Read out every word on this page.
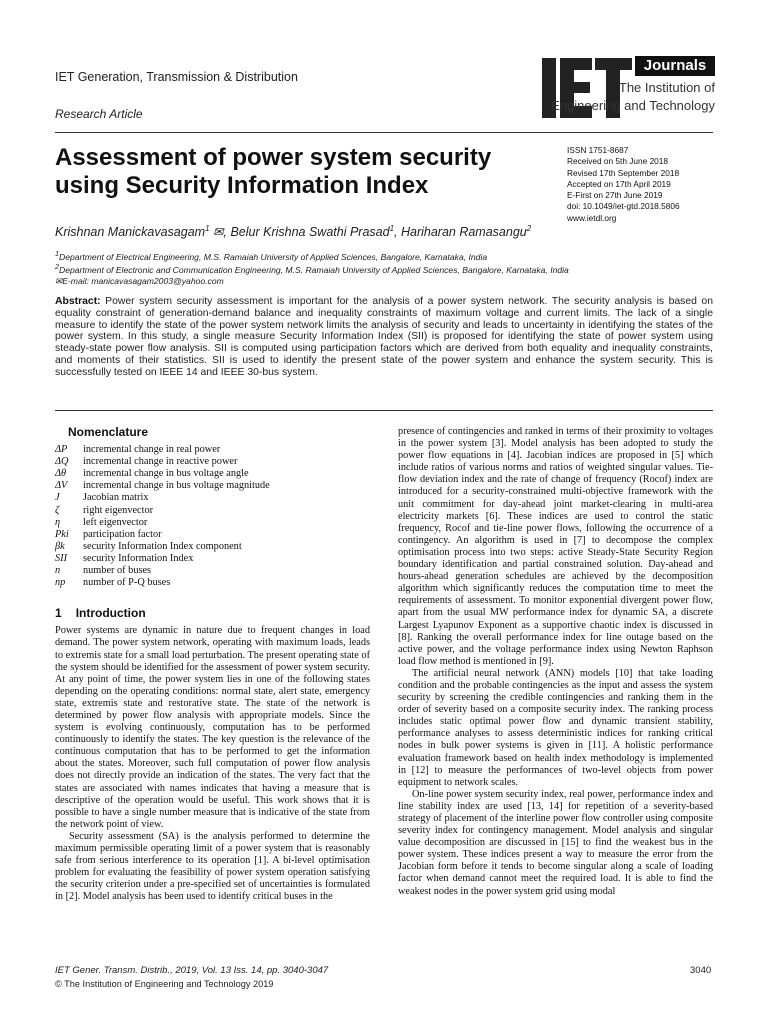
IET Generation, Transmission & Distribution
Research Article
Journals
The Institution of
Engineering and Technology
Assessment of power system security using Security Information Index
ISSN 1751-8687
Received on 5th June 2018
Revised 17th September 2018
Accepted on 17th April 2019
E-First on 27th June 2019
doi: 10.1049/iet-gtd.2018.5806
www.ietdl.org
Krishnan Manickavasagam$^1$ ✉, Belur Krishna Swathi Prasad$^1$, Hariharan Ramasangu$^2$
$^1$Department of Electrical Engineering, M.S. Ramaiah University of Applied Sciences, Bangalore, Karnataka, India
$^2$Department of Electronic and Communication Engineering, M.S. Ramaiah University of Applied Sciences, Bangalore, Karnataka, India
✉E-mail: manicavasagam2003@yahoo.com
Abstract: Power system security assessment is important for the analysis of a power system network. The security analysis is based on equality constraint of generation-demand balance and inequality constraints of maximum voltage and current limits. The lack of a single measure to identify the state of the power system network limits the analysis of security and leads to uncertainty in identifying the states of the power system. In this study, a single measure Security Information Index (SII) is proposed for identifying the state of power system using steady-state power flow analysis. SII is computed using participation factors which are derived from both equality and inequality constraints, and moments of their statistics. SII is used to identify the present state of the power system and enhance the system security. This is successfully tested on IEEE 14 and IEEE 30-bus system.
Nomenclature
ΔP	incremental change in real power
ΔQ	incremental change in reactive power
Δθ	incremental change in bus voltage angle
ΔV	incremental change in bus voltage magnitude
J	Jacobian matrix
ζ	right eigenvector
η	left eigenvector
Pki	participation factor
βk	security Information Index component
SII	security Information Index
n	number of buses
np	number of P-Q buses
1 Introduction

Power systems are dynamic in nature due to frequent changes in load demand. The power system network, operating with maximum loads, leads to extremis state for a small load perturbation. The present operating state of the system should be identified for the assessment of power system security. At any point of time, the power system lies in one of the following states depending on the operating conditions: normal state, alert state, emergency state, extremis state and restorative state. The state of the network is determined by power flow analysis with appropriate models. Since the system is evolving continuously, computation has to be performed continuously to identify the states. The key question is the relevance of the continuous computation that has to be performed to get the information about the states. Moreover, such full computation of power flow analysis does not directly provide an indication of the states. The very fact that the states are associated with names indicates that having a measure that is descriptive of the operation would be useful. This work shows that it is possible to have a single number measure that is indicative of the state from the network point of view.

Security assessment (SA) is the analysis performed to determine the maximum permissible operating limit of a power system that is reasonably safe from serious interference to its operation [1]. A bi-level optimisation problem for evaluating the feasibility of power system operation satisfying the security criterion under a pre-specified set of uncertainties is formulated in [2]. Model analysis has been used to identify critical buses in the

presence of contingencies and ranked in terms of their proximity to voltages in the power system [3]. Model analysis has been adopted to study the power flow equations in [4]. Jacobian indices are proposed in [5] which include ratios of various norms and ratios of weighted singular values. Tie-flow deviation index and the rate of change of frequency (Rocof) index are introduced for a security-constrained multi-objective framework with the unit commitment for day-ahead joint market-clearing in multi-area electricity markets [6]. These indices are used to control the static frequency, Rocof and tie-line power flows, following the occurrence of a contingency. An algorithm is used in [7] to decompose the complex optimisation process into two steps: active Steady-State Security Region boundary identification and partial constrained solution. Day-ahead and hours-ahead generation schedules are achieved by the decomposition algorithm which significantly reduces the computation time to meet the requirements of assessment. To monitor exponential divergent power flow, apart from the usual MW performance index for dynamic SA, a discrete Largest Lyapunov Exponent as a supportive chaotic index is discussed in [8]. Ranking the overall performance index for line outage based on the active power, and the voltage performance index using Newton Raphson load flow method is mentioned in [9].

The artificial neural network (ANN) models [10] that take loading condition and the probable contingencies as the input and assess the system security by screening the credible contingencies and ranking them in the order of severity based on a composite security index. The ranking process includes static optimal power flow and dynamic transient stability, performance analyses to assess deterministic indices for ranking critical nodes in bulk power systems is given in [11]. A holistic performance evaluation framework based on health index methodology is implemented in [12] to measure the performances of two-level objects from power equipment to network scales.

On-line power system security index, real power, performance index and line stability index are used [13, 14] for repetition of a severity-based strategy of placement of the interline power flow controller using composite severity index for contingency management. Model analysis and singular value decomposition are discussed in [15] to find the weakest bus in the power system. These indices present a way to measure the error from the Jacobian form before it tends to become singular along a scale of loading factor when demand cannot meet the required load. It is able to find the weakest nodes in the power system grid using modal

IET Gener. Transm. Distrib., 2019, Vol. 13 Iss. 14, pp. 3040-3047
© The Institution of Engineering and Technology 2019
3040
